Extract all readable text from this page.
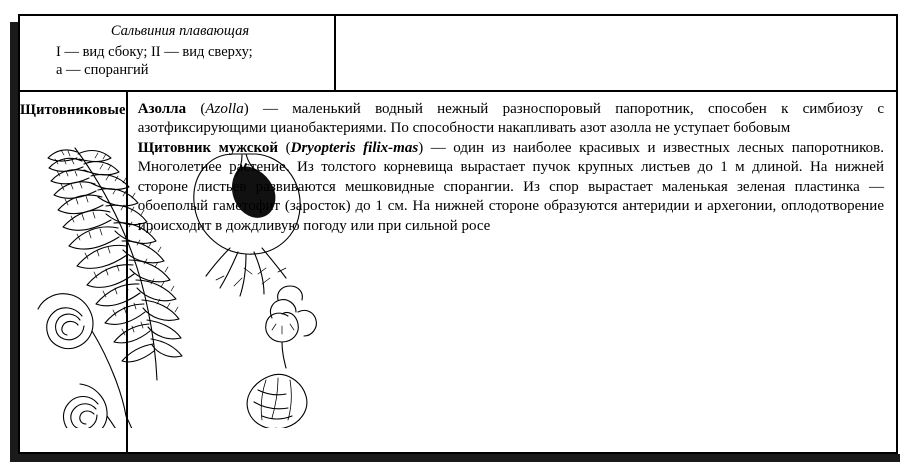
Сальвиния плавающая
I — вид сбоку; II — вид сверху;
а — спорангий
Щитовниковые Азолла (Azolla) — маленький водный нежный разноспоровый папоротник, способен к симбиозу с азотфиксирующими цианобактериями. По способности накапливать азот азолла не уступает бобовым

Щитовник мужской (Dryopteris filix-mas) — один из наиболее красивых и известных лесных папоротников. Многолетнее растение. Из толстого корневища вырастает пучок крупных листьев до 1 м длиной. На нижней стороне листьев развиваются мешковидные спорангии. Из спор вырастает маленькая зеленая пластинка — обоеполый гаметофит (заросток) до 1 см. На нижней стороне образуются антеридии и архегонии, оплодотворение происходит в дождливую погоду или при сильной росе
